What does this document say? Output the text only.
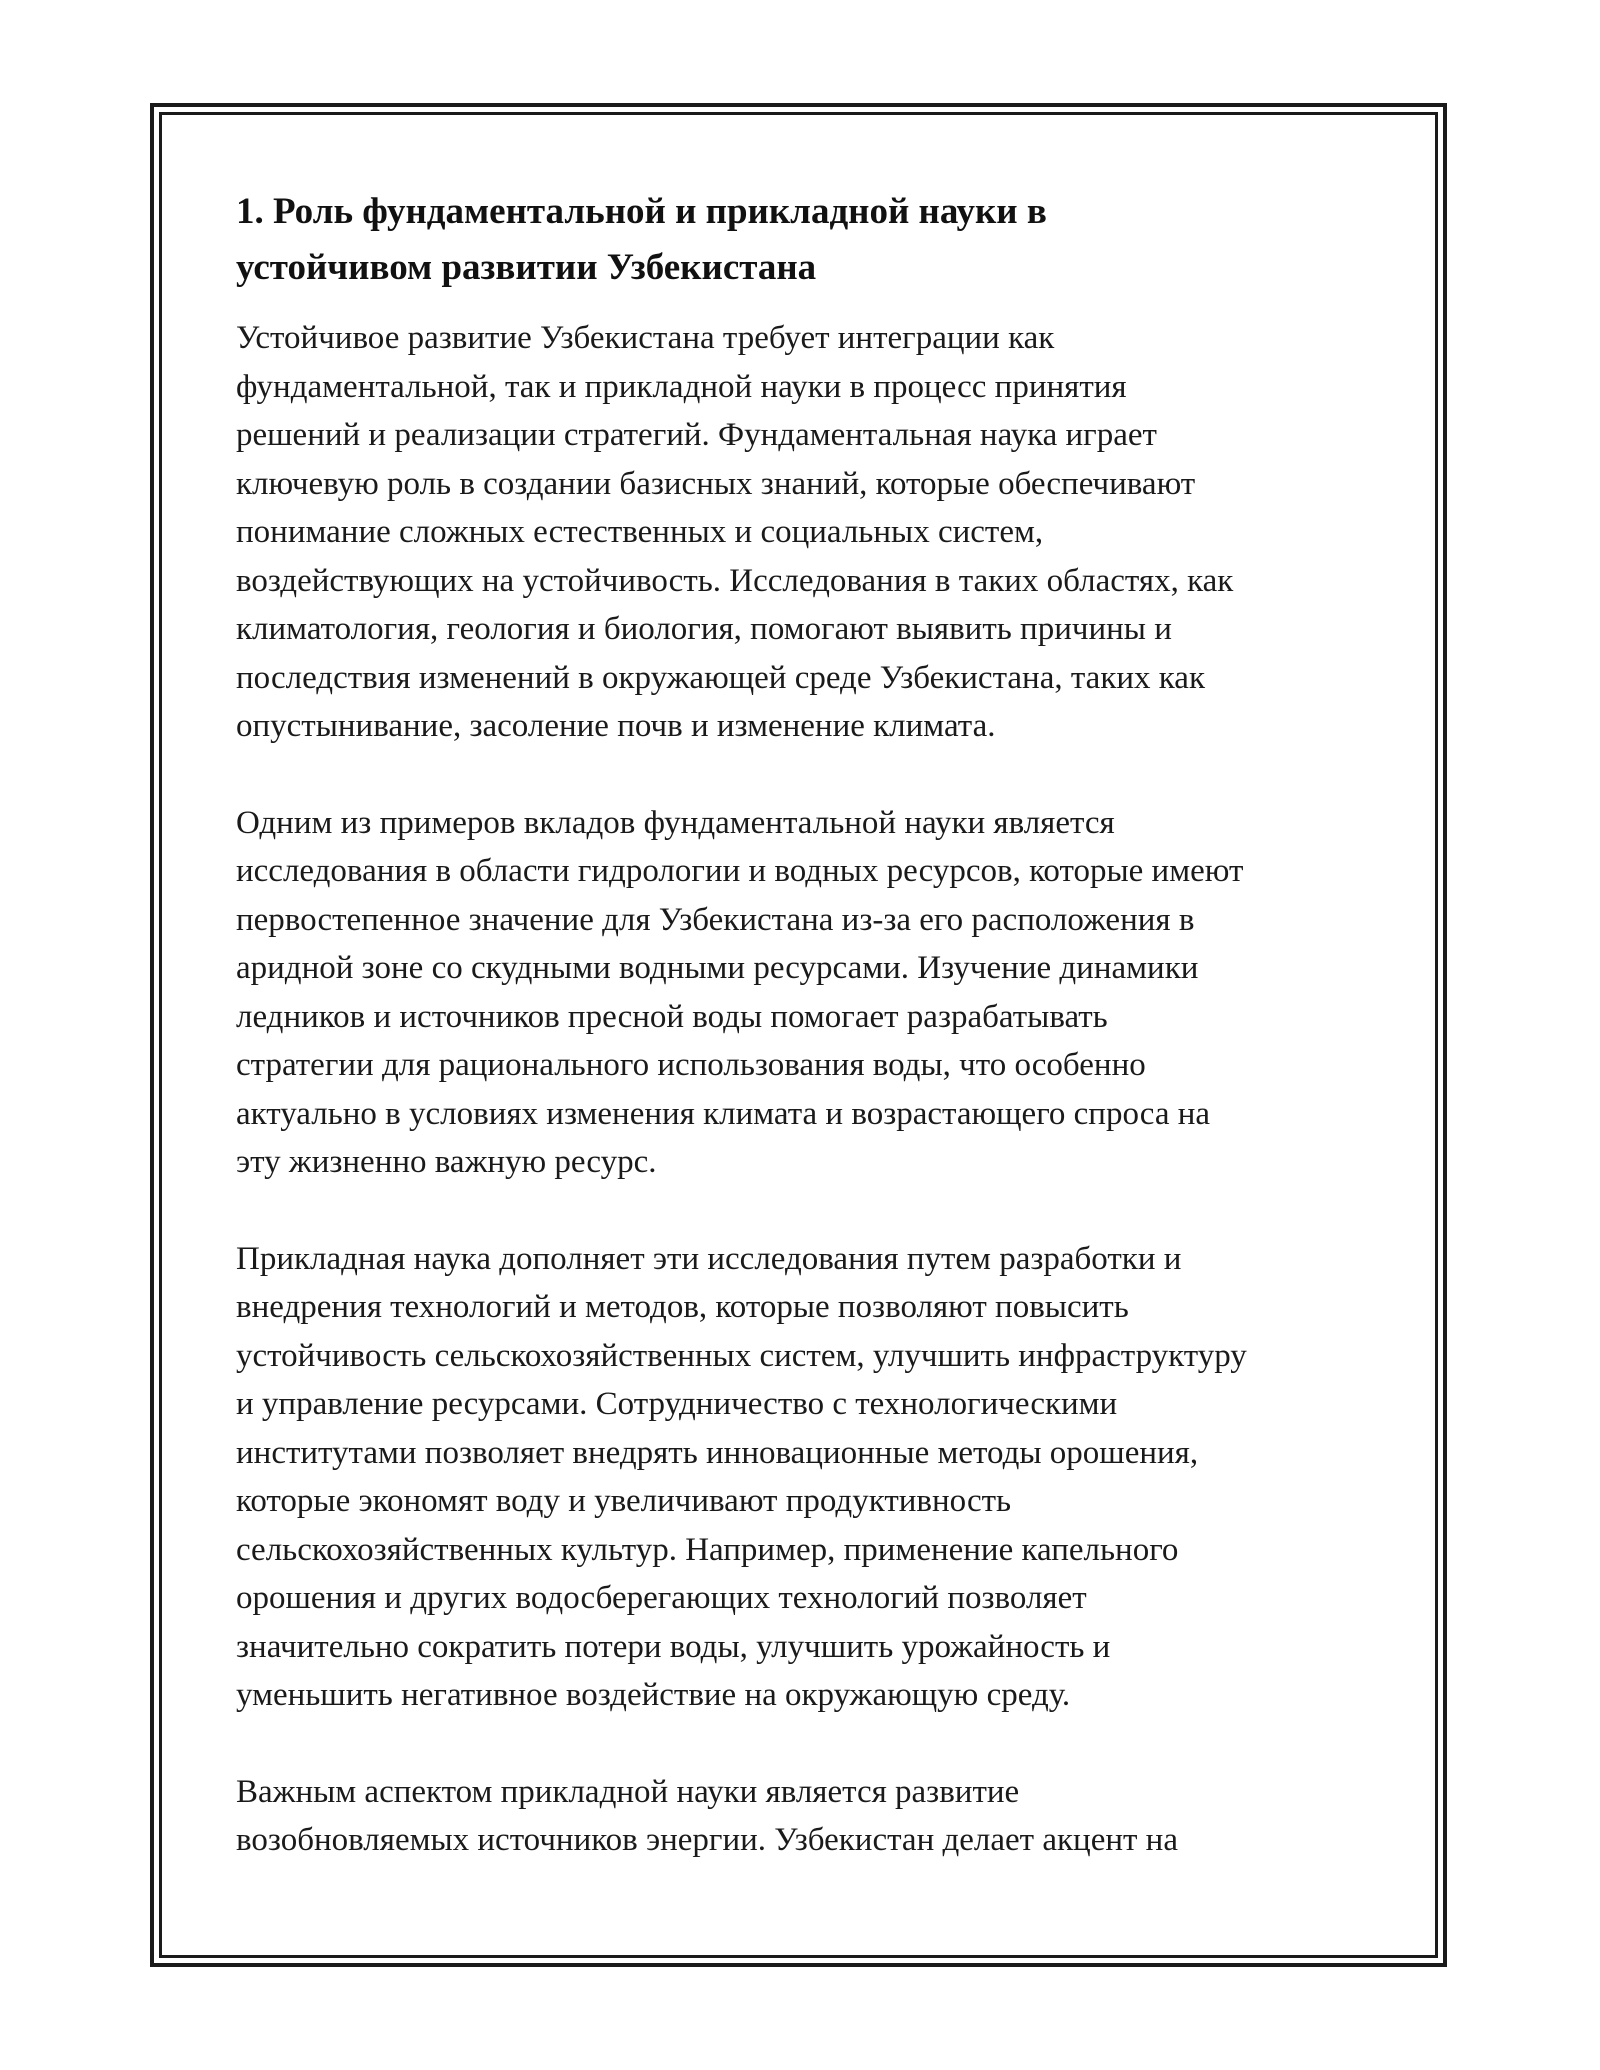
1. Роль фундаментальной и прикладной науки в
устойчивом развитии Узбекистана

Устойчивое развитие Узбекистана требует интеграции как
фундаментальной, так и прикладной науки в процесс принятия
решений и реализации стратегий. Фундаментальная наука играет
ключевую роль в создании базисных знаний, которые обеспечивают
понимание сложных естественных и социальных систем,
воздействующих на устойчивость. Исследования в таких областях, как
климатология, геология и биология, помогают выявить причины и
последствия изменений в окружающей среде Узбекистана, таких как
опустынивание, засоление почв и изменение климата.

Одним из примеров вкладов фундаментальной науки является
исследования в области гидрологии и водных ресурсов, которые имеют
первостепенное значение для Узбекистана из-за его расположения в
аридной зоне со скудными водными ресурсами. Изучение динамики
ледников и источников пресной воды помогает разрабатывать
стратегии для рационального использования воды, что особенно
актуально в условиях изменения климата и возрастающего спроса на
эту жизненно важную ресурс.

Прикладная наука дополняет эти исследования путем разработки и
внедрения технологий и методов, которые позволяют повысить
устойчивость сельскохозяйственных систем, улучшить инфраструктуру
и управление ресурсами. Сотрудничество с технологическими
институтами позволяет внедрять инновационные методы орошения,
которые экономят воду и увеличивают продуктивность
сельскохозяйственных культур. Например, применение капельного
орошения и других водосберегающих технологий позволяет
значительно сократить потери воды, улучшить урожайность и
уменьшить негативное воздействие на окружающую среду.

Важным аспектом прикладной науки является развитие
возобновляемых источников энергии. Узбекистан делает акцент на
